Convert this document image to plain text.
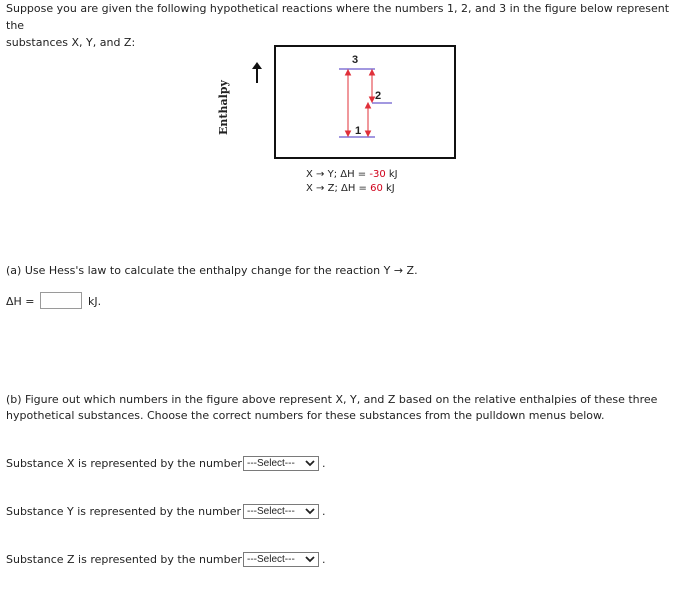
Suppose you are given the following hypothetical reactions where the numbers 1, 2, and 3 in the figure below represent the
substances X, Y, and Z:
Enthalpy
3
2
1
X → Y; ΔH = -30 kJ
X → Z; ΔH = 60 kJ
(a) Use Hess's law to calculate the enthalpy change for the reaction Y → Z.
ΔH =	kJ.
(b) Figure out which numbers in the figure above represent X, Y, and Z based on the relative enthalpies of these three
hypothetical substances. Choose the correct numbers for these substances from the pulldown menus below.
Substance X is represented by the number ---Select---	.
Substance Y is represented by the number ---Select---	.
Substance Z is represented by the number ---Select---	.
